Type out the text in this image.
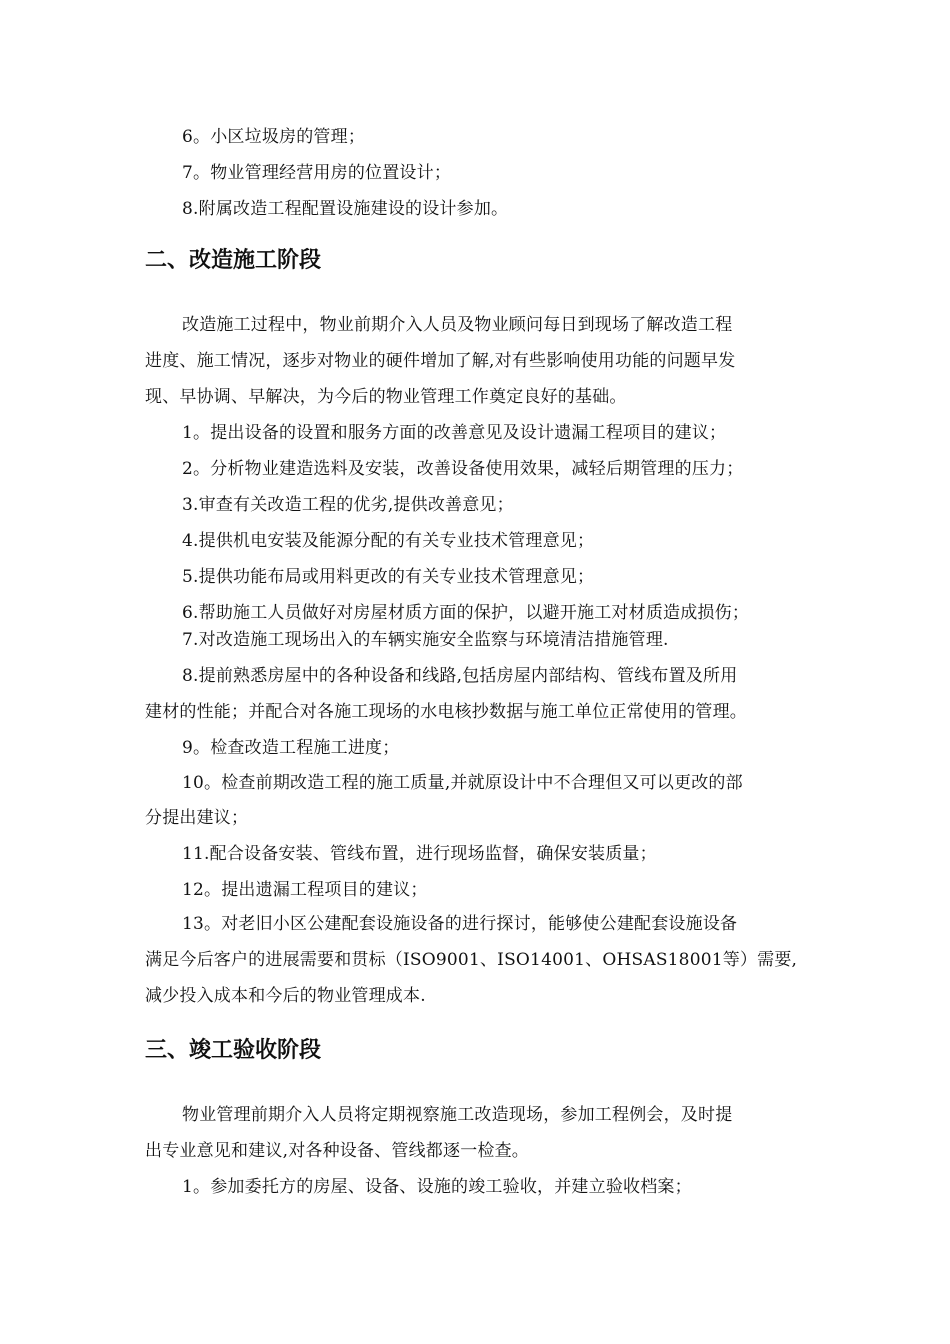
6。小区垃圾房的管理；
7。物业管理经营用房的位置设计；
8.附属改造工程配置设施建设的设计参加。
二、改造施工阶段
改造施工过程中，物业前期介入人员及物业顾问每日到现场了解改造工程
进度、施工情况，逐步对物业的硬件增加了解,对有些影响使用功能的问题早发
现、早协调、早解决，为今后的物业管理工作奠定良好的基础。
1。提出设备的设置和服务方面的改善意见及设计遗漏工程项目的建议；
2。分析物业建造选料及安装，改善设备使用效果，减轻后期管理的压力；
3.审查有关改造工程的优劣,提供改善意见；
4.提供机电安装及能源分配的有关专业技术管理意见；
5.提供功能布局或用料更改的有关专业技术管理意见；
6.帮助施工人员做好对房屋材质方面的保护，以避开施工对材质造成损伤；
7.对改造施工现场出入的车辆实施安全监察与环境清洁措施管理.
8.提前熟悉房屋中的各种设备和线路,包括房屋内部结构、管线布置及所用
建材的性能；并配合对各施工现场的水电核抄数据与施工单位正常使用的管理。
9。检查改造工程施工进度；
10。检查前期改造工程的施工质量,并就原设计中不合理但又可以更改的部
分提出建议；
11.配合设备安装、管线布置，进行现场监督，确保安装质量；
12。提出遗漏工程项目的建议；
13。对老旧小区公建配套设施设备的进行探讨，能够使公建配套设施设备
满足今后客户的进展需要和贯标（ISO9001、ISO14001、OHSAS18001等）需要,
减少投入成本和今后的物业管理成本.
三、竣工验收阶段
物业管理前期介入人员将定期视察施工改造现场，参加工程例会，及时提
出专业意见和建议,对各种设备、管线都逐一检查。
1。参加委托方的房屋、设备、设施的竣工验收，并建立验收档案；
